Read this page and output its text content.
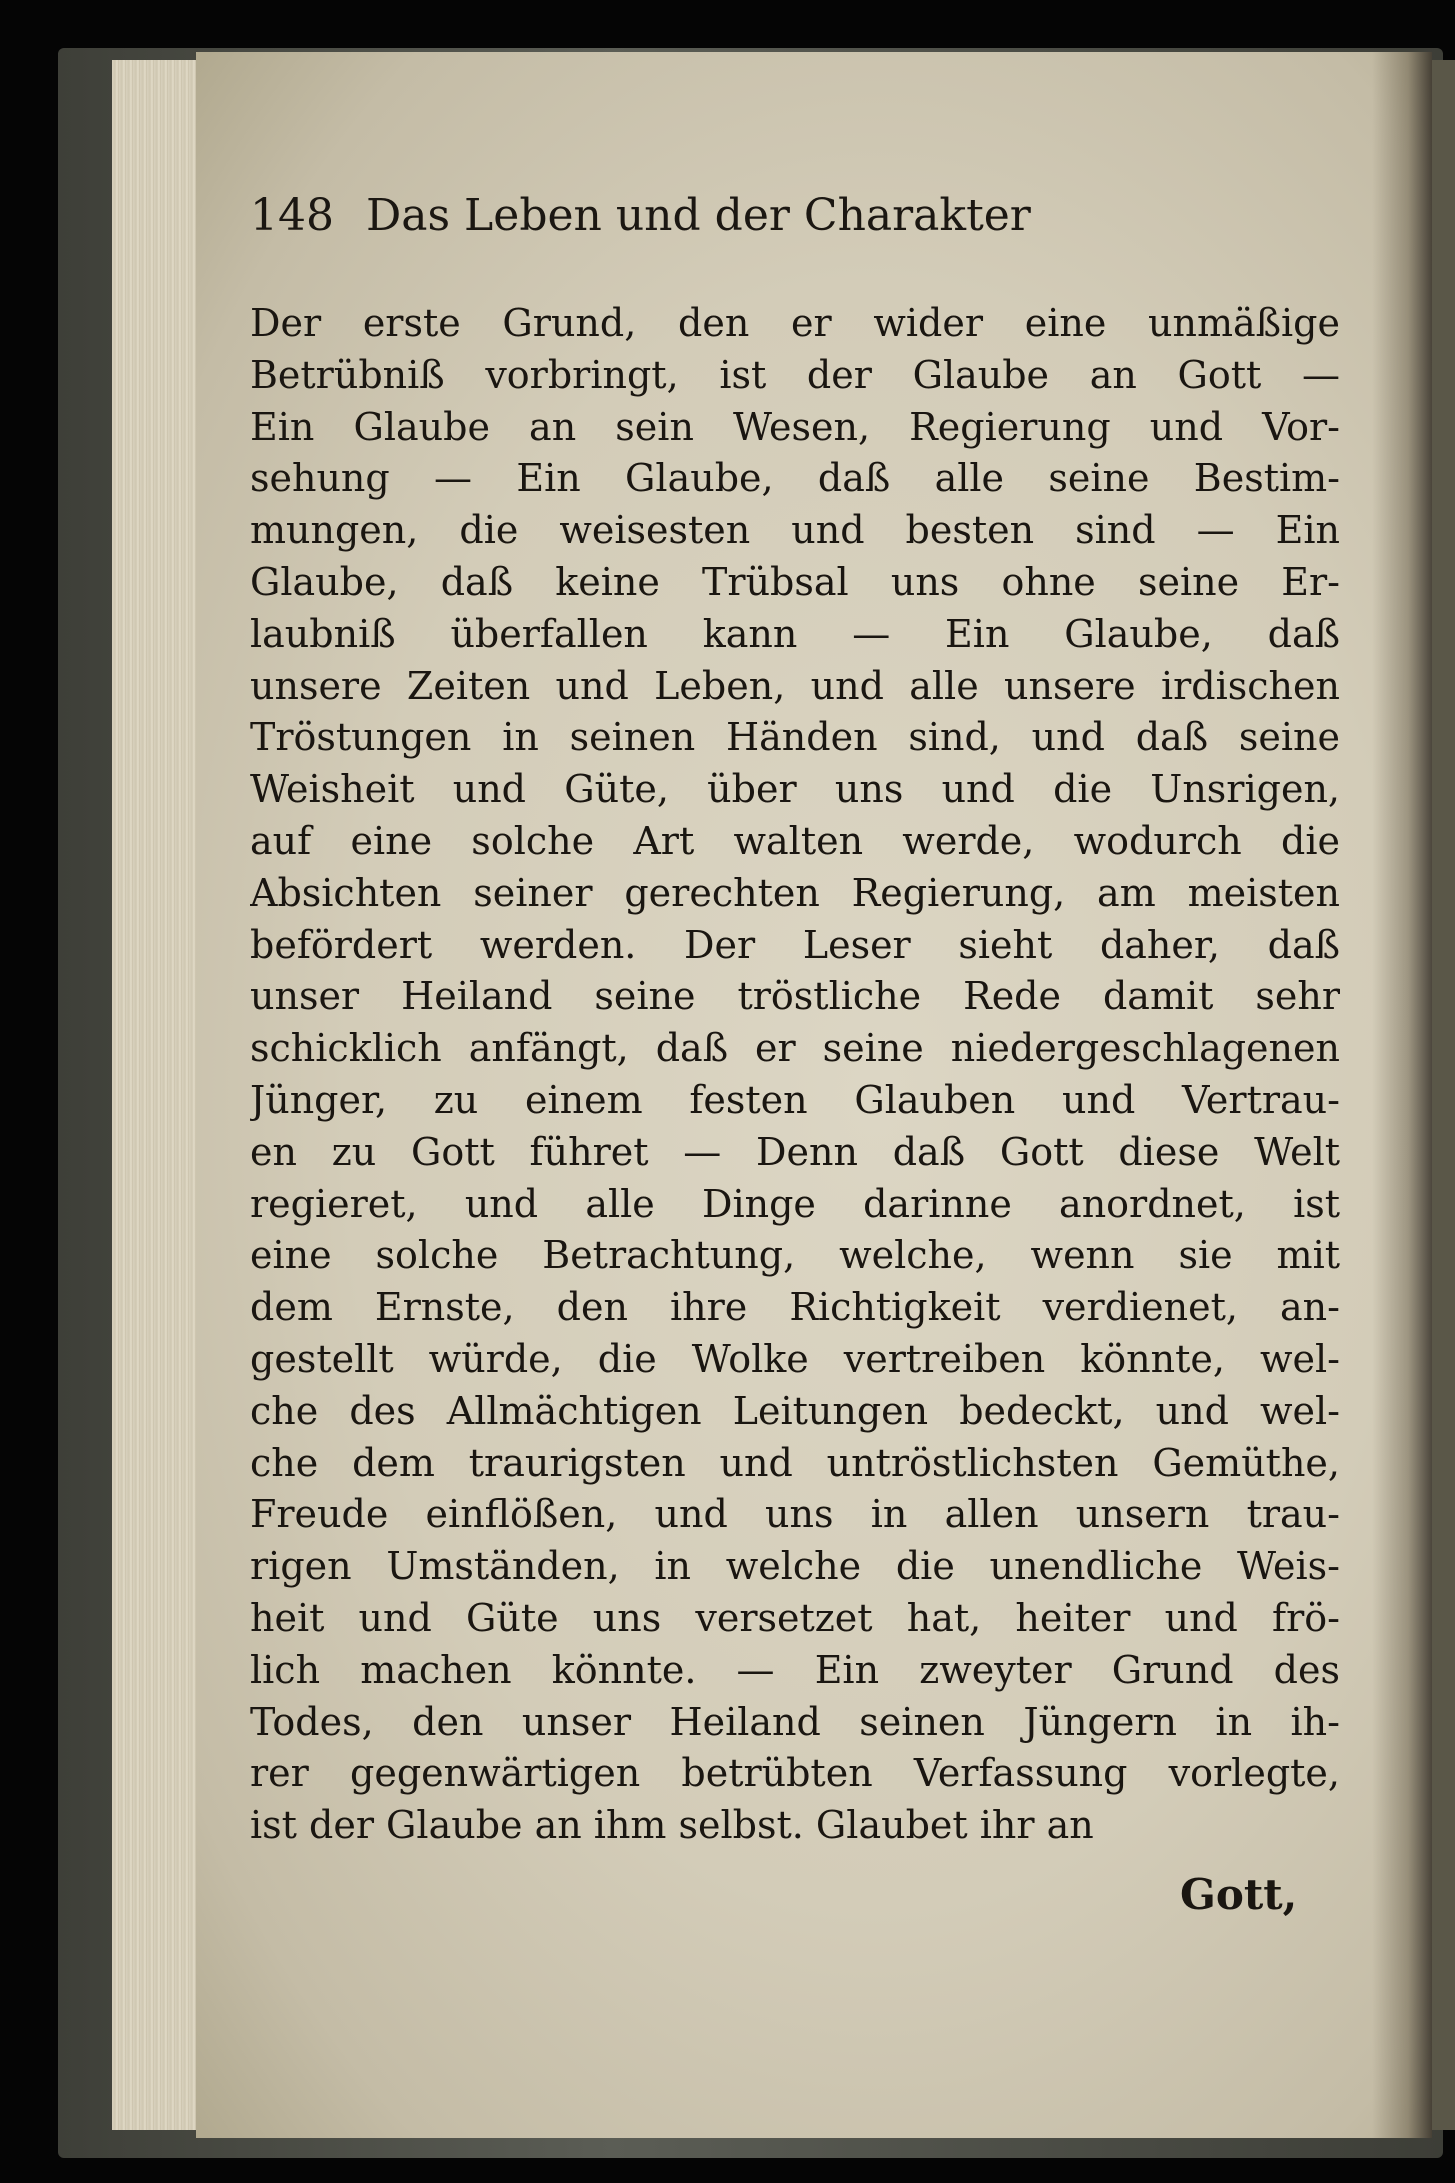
148 Das Leben und der Charakter
Der erste Grund, den er wider eine unmäßige
Betrübniß vorbringt, ist der Glaube an Gott —
Ein Glaube an sein Wesen, Regierung und Vor-
sehung — Ein Glaube, daß alle seine Bestim-
mungen, die weisesten und besten sind — Ein
Glaube, daß keine Trübsal uns ohne seine Er-
laubniß überfallen kann — Ein Glaube, daß
unsere Zeiten und Leben, und alle unsere irdischen
Tröstungen in seinen Händen sind, und daß seine
Weisheit und Güte, über uns und die Unsrigen,
auf eine solche Art walten werde, wodurch die
Absichten seiner gerechten Regierung, am meisten
befördert werden. Der Leser sieht daher, daß
unser Heiland seine tröstliche Rede damit sehr
schicklich anfängt, daß er seine niedergeschlagenen
Jünger, zu einem festen Glauben und Vertrau-
en zu Gott führet — Denn daß Gott diese Welt
regieret, und alle Dinge darinne anordnet, ist
eine solche Betrachtung, welche, wenn sie mit
dem Ernste, den ihre Richtigkeit verdienet, an-
gestellt würde, die Wolke vertreiben könnte, wel-
che des Allmächtigen Leitungen bedeckt, und wel-
che dem traurigsten und untröstlichsten Gemüthe,
Freude einflößen, und uns in allen unsern trau-
rigen Umständen, in welche die unendliche Weis-
heit und Güte uns versetzet hat, heiter und frö-
lich machen könnte. — Ein zweyter Grund des
Todes, den unser Heiland seinen Jüngern in ih-
rer gegenwärtigen betrübten Verfassung vorlegte,
ist der Glaube an ihm selbst. Glaubet ihr an
Gott,
